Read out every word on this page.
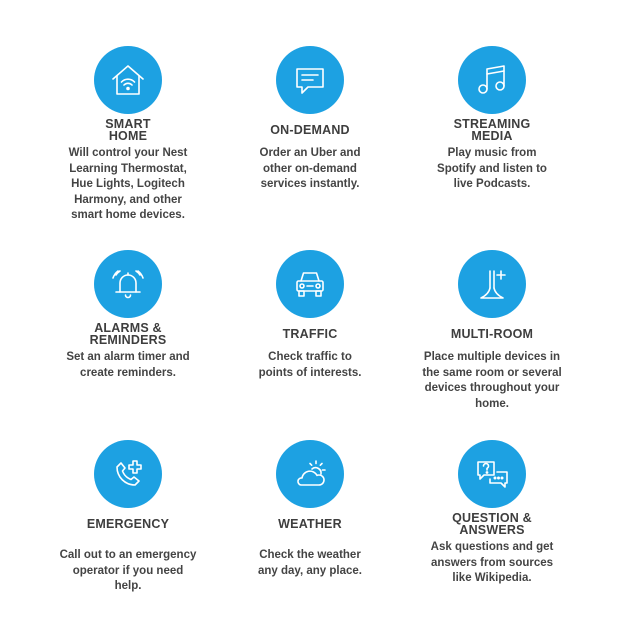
SMART
HOME
Will control your Nest
Learning Thermostat,
Hue Lights, Logitech
Harmony, and other
smart home devices.
ON-DEMAND
Order an Uber and
other on-demand
services instantly.
STREAMING
MEDIA
Play music from
Spotify and listen to
live Podcasts.
ALARMS &
REMINDERS
Set an alarm timer and
create reminders.
TRAFFIC
Check traffic to
points of interests.
MULTI-ROOM
Place multiple devices in
the same room or several
devices throughout your
home.
EMERGENCY
Call out to an emergency
operator if you need
help.
WEATHER
Check the weather
any day, any place.
QUESTION &
ANSWERS
Ask questions and get
answers from sources
like Wikipedia.
